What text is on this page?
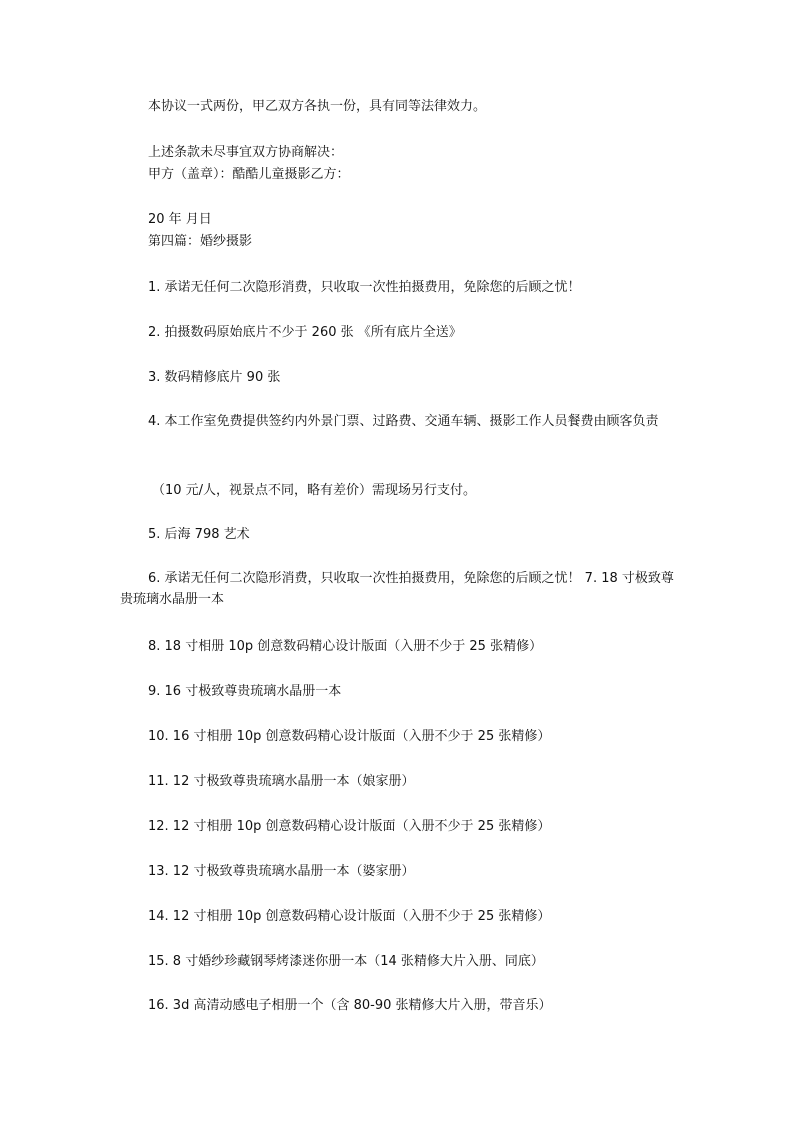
本协议一式两份，甲乙双方各执一份，具有同等法律效力。
上述条款未尽事宜双方协商解决：
甲方（盖章）：酷酷儿童摄影乙方：
20 年 月日
第四篇：婚纱摄影
1. 承诺无任何二次隐形消费，只收取一次性拍摄费用，免除您的后顾之忧！
2. 拍摄数码原始底片不少于 260 张 《所有底片全送》
3. 数码精修底片 90 张
4. 本工作室免费提供签约内外景门票、过路费、交通车辆、摄影工作人员餐费由顾客负责
（10 元/人，视景点不同，略有差价）需现场另行支付。
5. 后海 798 艺术
6. 承诺无任何二次隐形消费，只收取一次性拍摄费用，免除您的后顾之忧！ 7. 18 寸极致尊贵琉璃水晶册一本
8. 18 寸相册 10p 创意数码精心设计版面（入册不少于 25 张精修）
9. 16 寸极致尊贵琉璃水晶册一本
10. 16 寸相册 10p 创意数码精心设计版面（入册不少于 25 张精修）
11. 12 寸极致尊贵琉璃水晶册一本（娘家册）
12. 12 寸相册 10p 创意数码精心设计版面（入册不少于 25 张精修）
13. 12 寸极致尊贵琉璃水晶册一本（婆家册）
14. 12 寸相册 10p 创意数码精心设计版面（入册不少于 25 张精修）
15. 8 寸婚纱珍藏钢琴烤漆迷你册一本（14 张精修大片入册、同底）
16. 3d 高清动感电子相册一个（含 80-90 张精修大片入册，带音乐）
